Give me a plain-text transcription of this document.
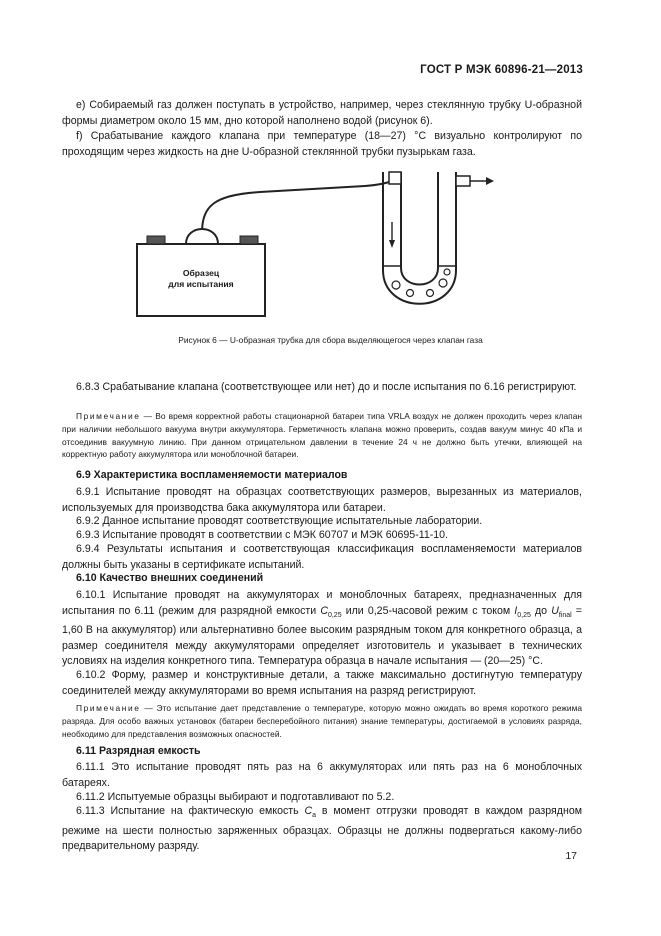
ГОСТ Р МЭК 60896-21—2013
e) Собираемый газ должен поступать в устройство, например, через стеклянную трубку U-образной формы диаметром около 15 мм, дно которой наполнено водой (рисунок 6).
f) Срабатывание каждого клапана при температуре (18—27) °С визуально контролируют по проходящим через жидкость на дне U-образной стеклянной трубки пузырькам газа.
Образец
для испытания
Рисунок 6 — U-образная трубка для сбора выделяющегося через клапан газа
6.8.3 Срабатывание клапана (соответствующее или нет) до и после испытания по 6.16 регистрируют.
Примечание — Во время корректной работы стационарной батареи типа VRLA воздух не должен проходить через клапан при наличии небольшого вакуума внутри аккумулятора. Герметичность клапана можно проверить, создав вакуум минус 40 кПа и отсоединив вакуумную линию. При данном отрицательном давлении в течение 24 ч не должно быть утечки, влияющей на корректную работу аккумулятора или моноблочной батареи.
6.9 Характеристика воспламеняемости материалов
6.9.1 Испытание проводят на образцах соответствующих размеров, вырезанных из материалов, используемых для производства бака аккумулятора или батареи.
6.9.2 Данное испытание проводят соответствующие испытательные лаборатории.
6.9.3 Испытание проводят в соответствии с МЭК 60707 и МЭК 60695-11-10.
6.9.4 Результаты испытания и соответствующая классификация воспламеняемости материалов должны быть указаны в сертификате испытаний.
6.10 Качество внешних соединений
6.10.1 Испытание проводят на аккумуляторах и моноблочных батареях, предназначенных для испытания по 6.11 (режим для разрядной емкости $C_{0,25}$ или 0,25-часовой режим с током $I_{0,25}$ до $U_{final} = 1,60$ В на аккумулятор) или альтернативно более высоким разрядным током для конкретного образца, а размер соединителя между аккумуляторами определяет изготовитель и указывает в технических условиях на изделия конкретного типа. Температура образца в начале испытания — (20—25) °С.
6.10.2 Форму, размер и конструктивные детали, а также максимально достигнутую температуру соединителей между аккумуляторами во время испытания на разряд регистрируют.
Примечание — Это испытание дает представление о температуре, которую можно ожидать во время короткого режима разряда. Для особо важных установок (батареи бесперебойного питания) знание температуры, достигаемой в условиях разряда, необходимо для представления возможных опасностей.
6.11 Разрядная емкость
6.11.1 Это испытание проводят пять раз на 6 аккумуляторах или пять раз на 6 моноблочных батареях.
6.11.2 Испытуемые образцы выбирают и подготавливают по 5.2.
6.11.3 Испытание на фактическую емкость $C_a$ в момент отгрузки проводят в каждом разрядном режиме на шести полностью заряженных образцах. Образцы не должны подвергаться какому-либо предварительному разряду.
17
